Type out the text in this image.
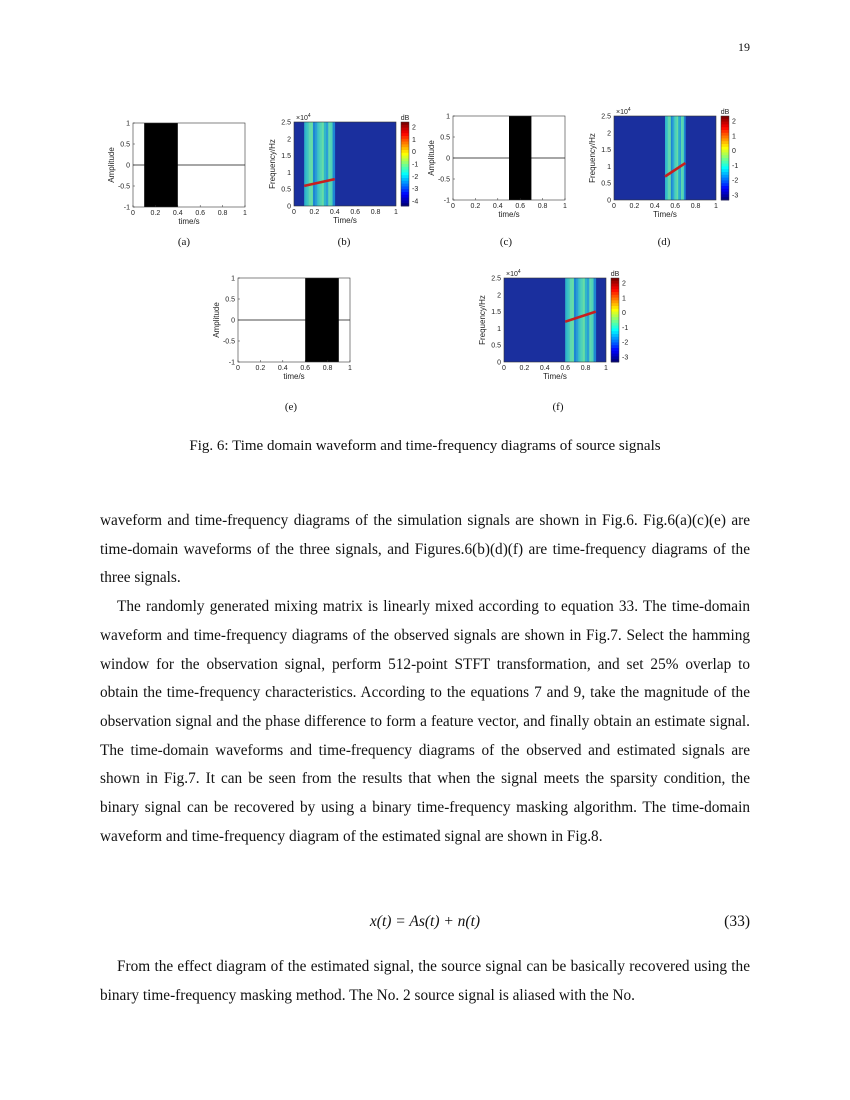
19
0 0.2 0.4 0.6 0.8 1
1
0.5
0
-0.5
-1
time/s
Amplitude
(a)
0 0.2 0.4 0.6 0.8 1
2.5
2
1.5
1
0.5
0
$\times 10^4$
Time/s
Frequency/Hz
dB
2
1
0
-1
-2
-3
-4
(b)
0 0.2 0.4 0.6 0.8 1
1
0.5
0
-0.5
-1
time/s
Amplitude
(c)
0 0.2 0.4 0.6 0.8 1
2.5
2
1.5
1
0.5
0
$\times 10^4$
Time/s
Frequency/Hz
dB
2
1
0
-1
-2
-3
(d)
0 0.2 0.4 0.6 0.8 1
1
0.5
0
-0.5
-1
time/s
Amplitude
(e)
0 0.2 0.4 0.6 0.8 1
2.5
2
1.5
1
0.5
0
$\times 10^4$
Time/s
Frequency/Hz
dB
2
1
0
-1
-2
-3
(f)
Fig. 6: Time domain waveform and time-frequency diagrams of source signals

waveform and time-frequency diagrams of the simulation signals are shown in Fig.6. Fig.6(a)(c)(e) are time-domain waveforms of the three signals, and Figures.6(b)(d)(f) are time-frequency diagrams of the three signals.

The randomly generated mixing matrix is linearly mixed according to equation 33. The time-domain waveform and time-frequency diagrams of the observed signals are shown in Fig.7. Select the hamming window for the observation signal, perform 512-point STFT transformation, and set 25% overlap to obtain the time-frequency characteristics. According to the equations 7 and 9, take the magnitude of the observation signal and the phase difference to form a feature vector, and finally obtain an estimate signal. The time-domain waveforms and time-frequency diagrams of the observed and estimated signals are shown in Fig.7. It can be seen from the results that when the signal meets the sparsity condition, the binary signal can be recovered by using a binary time-frequency masking algorithm. The time-domain waveform and time-frequency diagram of the estimated signal are shown in Fig.8.

x(t) = As(t) + n(t)	(33)

From the effect diagram of the estimated signal, the source signal can be basically recovered using the binary time-frequency masking method. The No. 2 source signal is aliased with the No.
